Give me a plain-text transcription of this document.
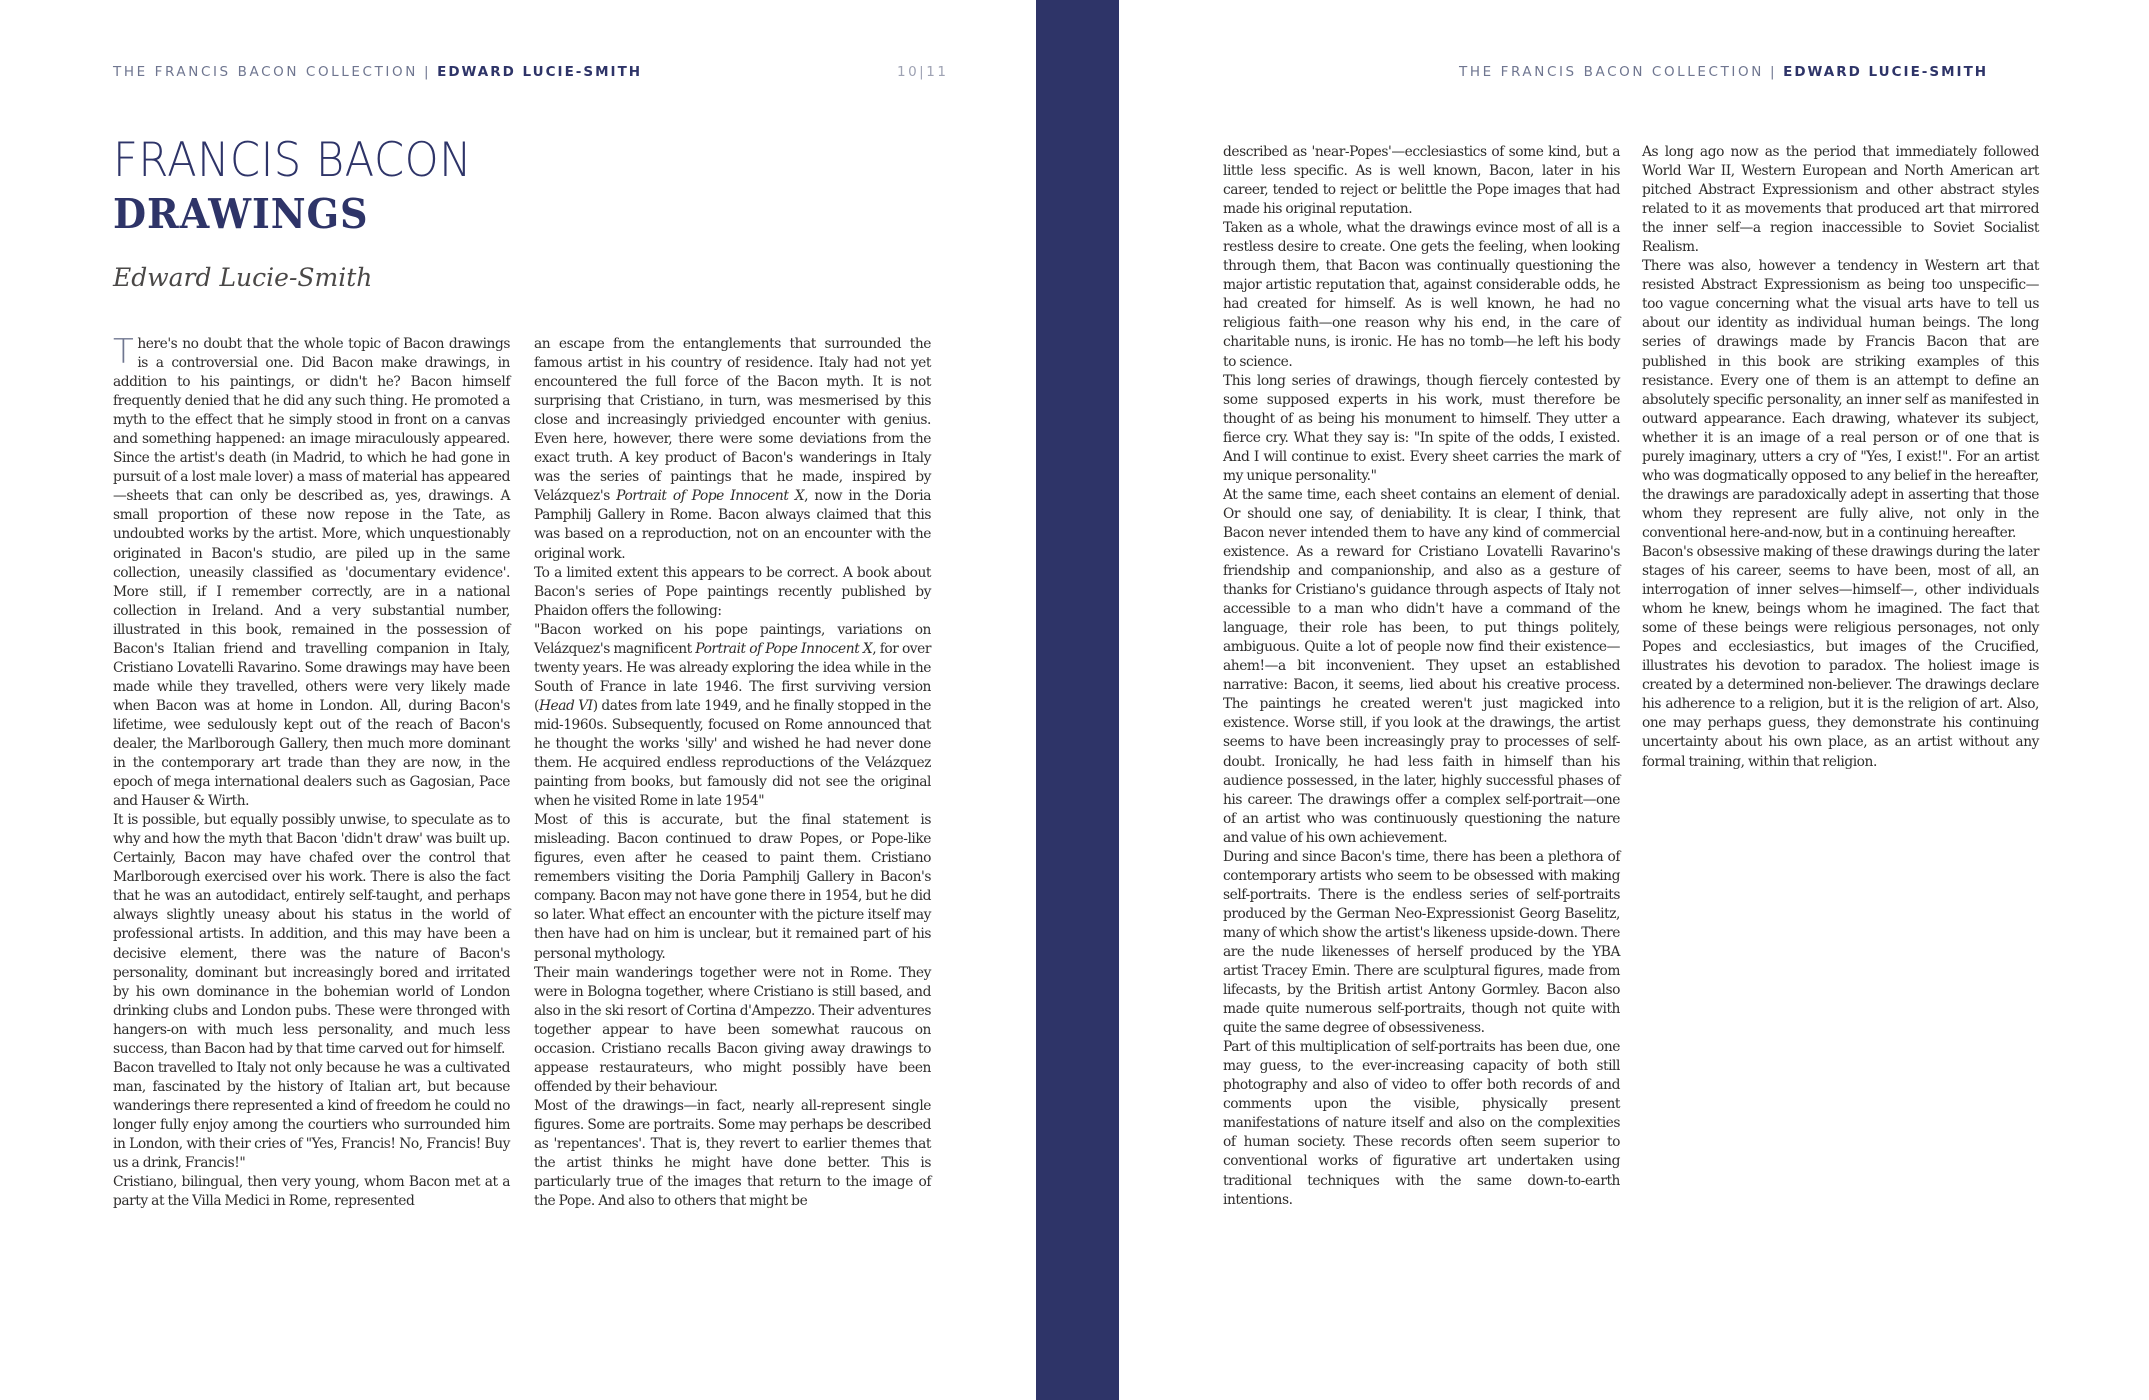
THE FRANCIS BACON COLLECTION | EDWARD LUCIE-SMITH	10|11

FRANCIS BACON
DRAWINGS

Edward Lucie-Smith

There's no doubt that the whole topic of Bacon drawings is a controversial one. Did Bacon make drawings, in addition to his paintings, or didn't he? Bacon himself frequently denied that he did any such thing. He promoted a myth to the effect that he simply stood in front on a canvas and something happened: an image miraculously appeared. Since the artist's death (in Madrid, to which he had gone in pursuit of a lost male lover) a mass of material has appeared—sheets that can only be described as, yes, drawings. A small proportion of these now repose in the Tate, as undoubted works by the artist. More, which unquestionably originated in Bacon's studio, are piled up in the same collection, uneasily classified as 'documentary evidence'. More still, if I remember correctly, are in a national collection in Ireland. And a very substantial number, illustrated in this book, remained in the possession of Bacon's Italian friend and travelling companion in Italy, Cristiano Lovatelli Ravarino. Some drawings may have been made while they travelled, others were very likely made when Bacon was at home in London. All, during Bacon's lifetime, wee sedulously kept out of the reach of Bacon's dealer, the Marlborough Gallery, then much more dominant in the contemporary art trade than they are now, in the epoch of mega international dealers such as Gagosian, Pace and Hauser & Wirth.

It is possible, but equally possibly unwise, to speculate as to why and how the myth that Bacon 'didn't draw' was built up. Certainly, Bacon may have chafed over the control that Marlborough exercised over his work. There is also the fact that he was an autodidact, entirely self-taught, and perhaps always slightly uneasy about his status in the world of professional artists. In addition, and this may have been a decisive element, there was the nature of Bacon's personality, dominant but increasingly bored and irritated by his own dominance in the bohemian world of London drinking clubs and London pubs. These were thronged with hangers-on with much less personality, and much less success, than Bacon had by that time carved out for himself.

Bacon travelled to Italy not only because he was a cultivated man, fascinated by the history of Italian art, but because wanderings there represented a kind of freedom he could no longer fully enjoy among the courtiers who surrounded him in London, with their cries of "Yes, Francis! No, Francis! Buy us a drink, Francis!"

Cristiano, bilingual, then very young, whom Bacon met at a party at the Villa Medici in Rome, represented

an escape from the entanglements that surrounded the famous artist in his country of residence. Italy had not yet encountered the full force of the Bacon myth. It is not surprising that Cristiano, in turn, was mesmerised by this close and increasingly priviedged encounter with genius. Even here, however, there were some deviations from the exact truth. A key product of Bacon's wanderings in Italy was the series of paintings that he made, inspired by Velázquez's Portrait of Pope Innocent X, now in the Doria Pamphilj Gallery in Rome. Bacon always claimed that this was based on a reproduction, not on an encounter with the original work.

To a limited extent this appears to be correct. A book about Bacon's series of Pope paintings recently published by Phaidon offers the following:

"Bacon worked on his pope paintings, variations on Velázquez's magnificent Portrait of Pope Innocent X, for over twenty years. He was already exploring the idea while in the South of France in late 1946. The first surviving version (Head VI) dates from late 1949, and he finally stopped in the mid-1960s. Subsequently, focused on Rome announced that he thought the works 'silly' and wished he had never done them. He acquired endless reproductions of the Velázquez painting from books, but famously did not see the original when he visited Rome in late 1954"

Most of this is accurate, but the final statement is misleading. Bacon continued to draw Popes, or Pope-like figures, even after he ceased to paint them. Cristiano remembers visiting the Doria Pamphilj Gallery in Bacon's company. Bacon may not have gone there in 1954, but he did so later. What effect an encounter with the picture itself may then have had on him is unclear, but it remained part of his personal mythology.

Their main wanderings together were not in Rome. They were in Bologna together, where Cristiano is still based, and also in the ski resort of Cortina d'Ampezzo. Their adventures together appear to have been somewhat raucous on occasion. Cristiano recalls Bacon giving away drawings to appease restaurateurs, who might possibly have been offended by their behaviour.

Most of the drawings—in fact, nearly all-represent single figures. Some are portraits. Some may perhaps be described as 'repentances'. That is, they revert to earlier themes that the artist thinks he might have done better. This is particularly true of the images that return to the image of the Pope. And also to others that might be

THE FRANCIS BACON COLLECTION | EDWARD LUCIE-SMITH

described as 'near-Popes'—ecclesiastics of some kind, but a little less specific. As is well known, Bacon, later in his career, tended to reject or belittle the Pope images that had made his original reputation.

Taken as a whole, what the drawings evince most of all is a restless desire to create. One gets the feeling, when looking through them, that Bacon was continually questioning the major artistic reputation that, against considerable odds, he had created for himself. As is well known, he had no religious faith—one reason why his end, in the care of charitable nuns, is ironic. He has no tomb—he left his body to science.

This long series of drawings, though fiercely contested by some supposed experts in his work, must therefore be thought of as being his monument to himself. They utter a fierce cry. What they say is: "In spite of the odds, I existed. And I will continue to exist. Every sheet carries the mark of my unique personality."

At the same time, each sheet contains an element of denial. Or should one say, of deniability. It is clear, I think, that Bacon never intended them to have any kind of commercial existence. As a reward for Cristiano Lovatelli Ravarino's friendship and companionship, and also as a gesture of thanks for Cristiano's guidance through aspects of Italy not accessible to a man who didn't have a command of the language, their role has been, to put things politely, ambiguous. Quite a lot of people now find their existence—ahem!—a bit inconvenient. They upset an established narrative: Bacon, it seems, lied about his creative process. The paintings he created weren't just magicked into existence. Worse still, if you look at the drawings, the artist seems to have been increasingly pray to processes of self-doubt. Ironically, he had less faith in himself than his audience possessed, in the later, highly successful phases of his career. The drawings offer a complex self-portrait—one of an artist who was continuously questioning the nature and value of his own achievement.

During and since Bacon's time, there has been a plethora of contemporary artists who seem to be obsessed with making self-portraits. There is the endless series of self-portraits produced by the German Neo-Expressionist Georg Baselitz, many of which show the artist's likeness upside-down. There are the nude likenesses of herself produced by the YBA artist Tracey Emin. There are sculptural figures, made from lifecasts, by the British artist Antony Gormley. Bacon also made quite numerous self-portraits, though not quite with quite the same degree of obsessiveness.

Part of this multiplication of self-portraits has been due, one may guess, to the ever-increasing capacity of both still photography and also of video to offer both records of and comments upon the visible, physically present manifestations of nature itself and also on the complexities of human society. These records often seem superior to conventional works of figurative art undertaken using traditional techniques with the same down-to-earth intentions.

As long ago now as the period that immediately followed World War II, Western European and North American art pitched Abstract Expressionism and other abstract styles related to it as movements that produced art that mirrored the inner self—a region inaccessible to Soviet Socialist Realism.

There was also, however a tendency in Western art that resisted Abstract Expressionism as being too unspecific—too vague concerning what the visual arts have to tell us about our identity as individual human beings. The long series of drawings made by Francis Bacon that are published in this book are striking examples of this resistance. Every one of them is an attempt to define an absolutely specific personality, an inner self as manifested in outward appearance. Each drawing, whatever its subject, whether it is an image of a real person or of one that is purely imaginary, utters a cry of "Yes, I exist!". For an artist who was dogmatically opposed to any belief in the hereafter, the drawings are paradoxically adept in asserting that those whom they represent are fully alive, not only in the conventional here-and-now, but in a continuing hereafter.

Bacon's obsessive making of these drawings during the later stages of his career, seems to have been, most of all, an interrogation of inner selves—himself—, other individuals whom he knew, beings whom he imagined. The fact that some of these beings were religious personages, not only Popes and ecclesiastics, but images of the Crucified, illustrates his devotion to paradox. The holiest image is created by a determined non-believer. The drawings declare his adherence to a religion, but it is the religion of art. Also, one may perhaps guess, they demonstrate his continuing uncertainty about his own place, as an artist without any formal training, within that religion.
